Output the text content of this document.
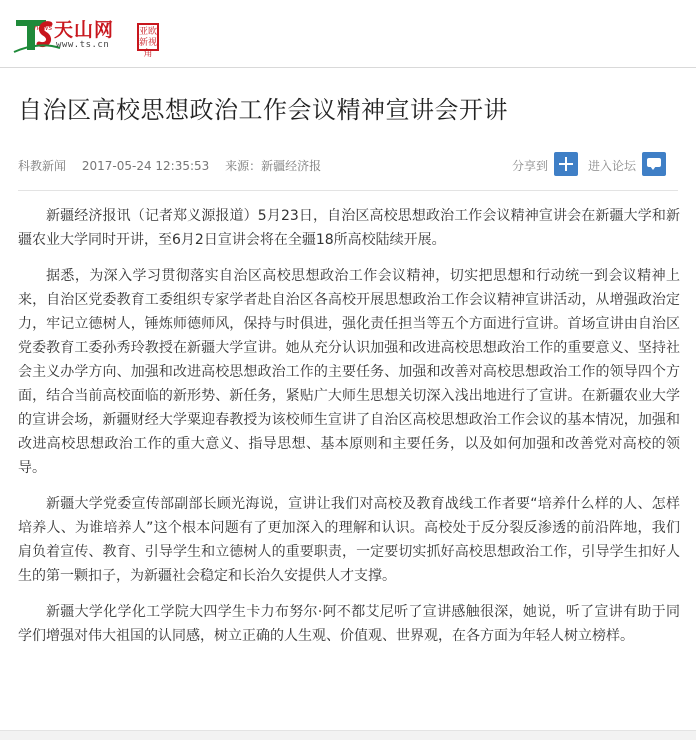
news 天山网
www.ts.cn
亚欧新视角
自治区高校思想政治工作会议精神宣讲会开讲
科教新闻 2017-05-24 12:35:53 来源：新疆经济报	分享到	进入论坛

新疆经济报讯（记者郑义源报道）5月23日，自治区高校思想政治工作会议精神宣讲会在新疆大学和新疆农业大学同时开讲，至6月2日宣讲会将在全疆18所高校陆续开展。

据悉，为深入学习贯彻落实自治区高校思想政治工作会议精神，切实把思想和行动统一到会议精神上来，自治区党委教育工委组织专家学者赴自治区各高校开展思想政治工作会议精神宣讲活动，从增强政治定力，牢记立德树人，锤炼师德师风，保持与时俱进，强化责任担当等五个方面进行宣讲。首场宣讲由自治区党委教育工委孙秀玲教授在新疆大学宣讲。她从充分认识加强和改进高校思想政治工作的重要意义、坚持社会主义办学方向、加强和改进高校思想政治工作的主要任务、加强和改善对高校思想政治工作的领导四个方面，结合当前高校面临的新形势、新任务，紧贴广大师生思想关切深入浅出地进行了宣讲。在新疆农业大学的宣讲会场，新疆财经大学粟迎春教授为该校师生宣讲了自治区高校思想政治工作会议的基本情况，加强和改进高校思想政治工作的重大意义、指导思想、基本原则和主要任务，以及如何加强和改善党对高校的领导。

新疆大学党委宣传部副部长顾光海说，宣讲让我们对高校及教育战线工作者要“培养什么样的人、怎样培养人、为谁培养人”这个根本问题有了更加深入的理解和认识。高校处于反分裂反渗透的前沿阵地，我们肩负着宣传、教育、引导学生和立德树人的重要职责，一定要切实抓好高校思想政治工作，引导学生扣好人生的第一颗扣子，为新疆社会稳定和长治久安提供人才支撑。

新疆大学化学化工学院大四学生卡力布努尔·阿不都艾尼听了宣讲感触很深，她说，听了宣讲有助于同学们增强对伟大祖国的认同感，树立正确的人生观、价值观、世界观，在各方面为年轻人树立榜样。
